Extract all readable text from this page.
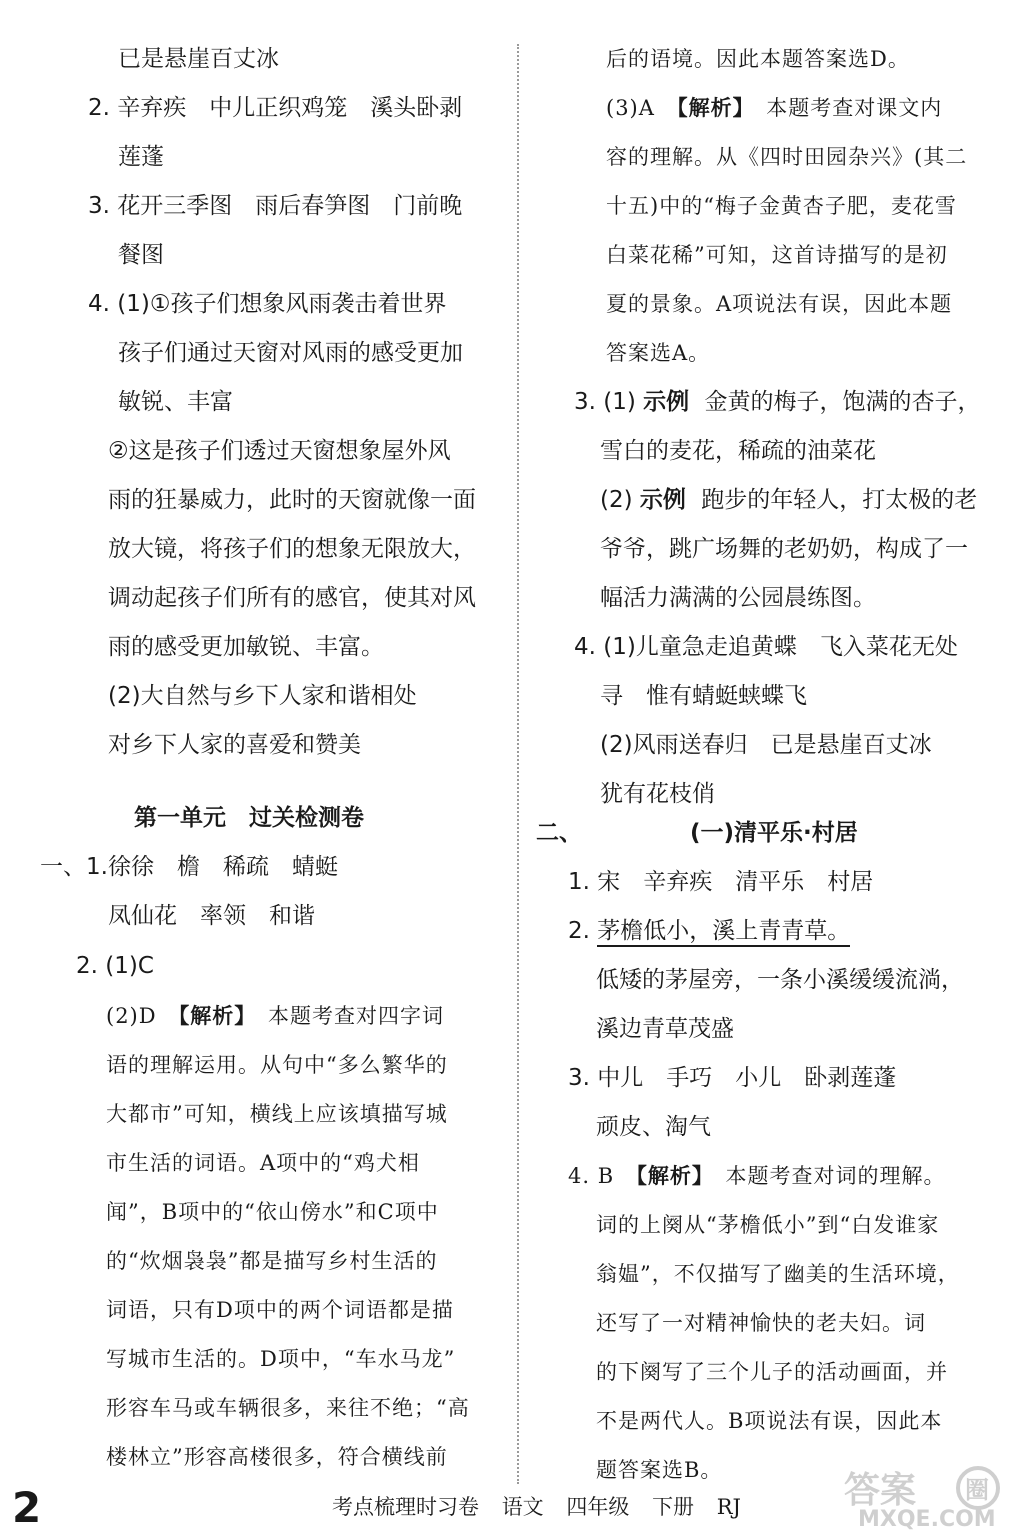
已是悬崖百丈冰
2. 辛弃疾　中儿正织鸡笼　溪头卧剥
莲蓬
3. 花开三季图　雨后春笋图　门前晚
餐图
4. (1)①孩子们想象风雨袭击着世界
孩子们通过天窗对风雨的感受更加
敏锐、丰富
②这是孩子们透过天窗想象屋外风
雨的狂暴威力，此时的天窗就像一面
放大镜，将孩子们的想象无限放大，
调动起孩子们所有的感官，使其对风
雨的感受更加敏锐、丰富。
(2)大自然与乡下人家和谐相处
对乡下人家的喜爱和赞美
第一单元　过关检测卷
一、1. 徐徐　檐　稀疏　蜻蜓
凤仙花　率领　和谐
2. (1)C
(2)D 【解析】 本题考查对四字词
语的理解运用。从句中“多么繁华的
大都市”可知，横线上应该填描写城
市生活的词语。A项中的“鸡犬相
闻”，B项中的“依山傍水”和C项中
的“炊烟袅袅”都是描写乡村生活的
词语，只有D项中的两个词语都是描
写城市生活的。D项中，“车水马龙”
形容车马或车辆很多，来往不绝；“高
楼林立”形容高楼很多，符合横线前
后的语境。因此本题答案选D。
(3)A 【解析】 本题考查对课文内
容的理解。从《四时田园杂兴》(其二
十五)中的“梅子金黄杏子肥，麦花雪
白菜花稀”可知，这首诗描写的是初
夏的景象。A项说法有误，因此本题
答案选A。
3. (1) 示例 金黄的梅子，饱满的杏子，
雪白的麦花，稀疏的油菜花
(2) 示例 跑步的年轻人，打太极的老
爷爷，跳广场舞的老奶奶，构成了一
幅活力满满的公园晨练图。
4. (1)儿童急走追黄蝶　飞入菜花无处
寻　惟有蜻蜓蛱蝶飞
(2)风雨送春归　已是悬崖百丈冰
犹有花枝俏
二、	(一)清平乐·村居
1. 宋　辛弃疾　清平乐　村居
2. 茅檐低小，溪上青青草。
低矮的茅屋旁，一条小溪缓缓流淌，
溪边青草茂盛
3. 中儿　手巧　小儿　卧剥莲蓬
顽皮、淘气
4. B 【解析】 本题考查对词的理解。
词的上阕从“茅檐低小”到“白发谁家
翁媪”，不仅描写了幽美的生活环境，
还写了一对精神愉快的老夫妇。词
的下阕写了三个儿子的活动画面，并
不是两代人。B项说法有误，因此本
题答案选B。
2	考点梳理时习卷 语文 四年级 下册 RJ	答案 圈
MXQE.COM
